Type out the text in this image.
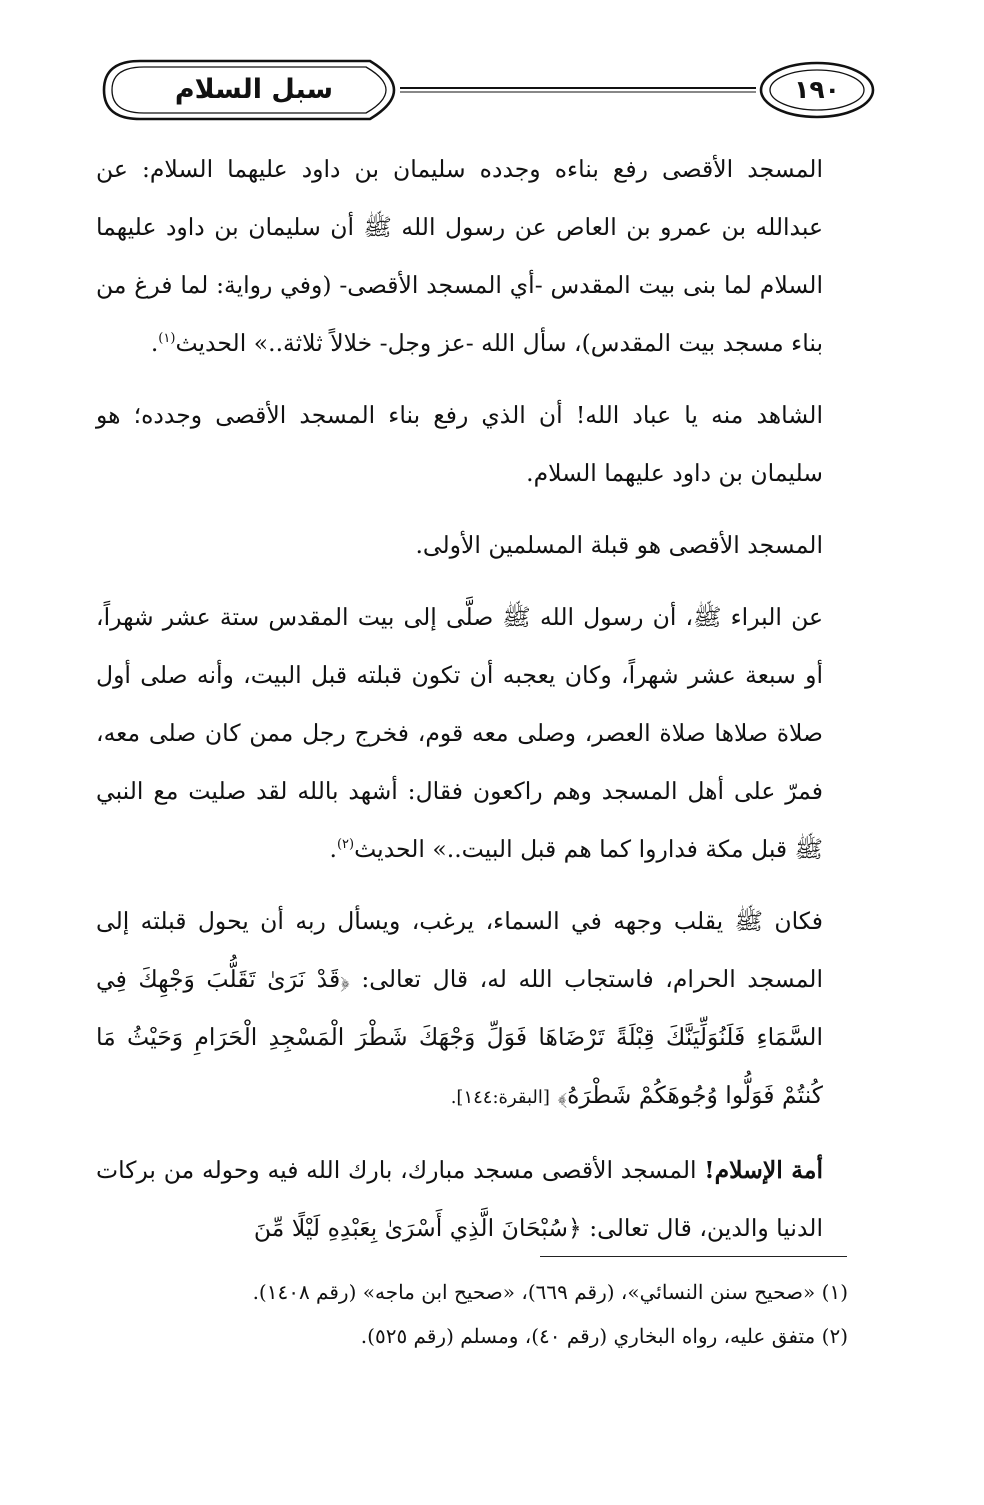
سبل السلام	١٩٠

المسجد الأقصى رفع بناءه وجدده سليمان بن داود عليهما السلام: عن عبدالله بن عمرو بن العاص عن رسول الله ﷺ أن سليمان بن داود عليهما السلام لما بنى بيت المقدس -أي المسجد الأقصى- (وفي رواية: لما فرغ من بناء مسجد بيت المقدس)، سأل الله -عز وجل- خلالاً ثلاثة..» الحديث$^{(١)}$.

الشاهد منه يا عباد الله! أن الذي رفع بناء المسجد الأقصى وجدده؛ هو سليمان بن داود عليهما السلام.

المسجد الأقصى هو قبلة المسلمين الأولى.

عن البراء ﷺ، أن رسول الله ﷺ صلَّى إلى بيت المقدس ستة عشر شهراً، أو سبعة عشر شهراً، وكان يعجبه أن تكون قبلته قبل البيت، وأنه صلى أول صلاة صلاها صلاة العصر، وصلى معه قوم، فخرج رجل ممن كان صلى معه، فمرّ على أهل المسجد وهم راكعون فقال: أشهد بالله لقد صليت مع النبي ﷺ قبل مكة فداروا كما هم قبل البيت..» الحديث$^{(٢)}$.

فكان ﷺ يقلب وجهه في السماء، يرغب، ويسأل ربه أن يحول قبلته إلى المسجد الحرام، فاستجاب الله له، قال تعالى: ﴿قَدْ نَرَىٰ تَقَلُّبَ وَجْهِكَ فِي السَّمَاءِ فَلَنُوَلِّيَنَّكَ قِبْلَةً تَرْضَاهَا فَوَلِّ وَجْهَكَ شَطْرَ الْمَسْجِدِ الْحَرَامِ وَحَيْثُ مَا كُنتُمْ فَوَلُّوا وُجُوهَكُمْ شَطْرَهُ﴾ [البقرة:١٤٤].

أمة الإسلام! المسجد الأقصى مسجد مبارك، بارك الله فيه وحوله من بركات الدنيا والدين، قال تعالى: ﴿سُبْحَانَ الَّذِي أَسْرَىٰ بِعَبْدِهِ لَيْلًا مِّنَ

(١) «صحيح سنن النسائي»، (رقم ٦٦٩)، «صحيح ابن ماجه» (رقم ١٤٠٨).

(٢) متفق عليه، رواه البخاري (رقم ٤٠)، ومسلم (رقم ٥٢٥).
